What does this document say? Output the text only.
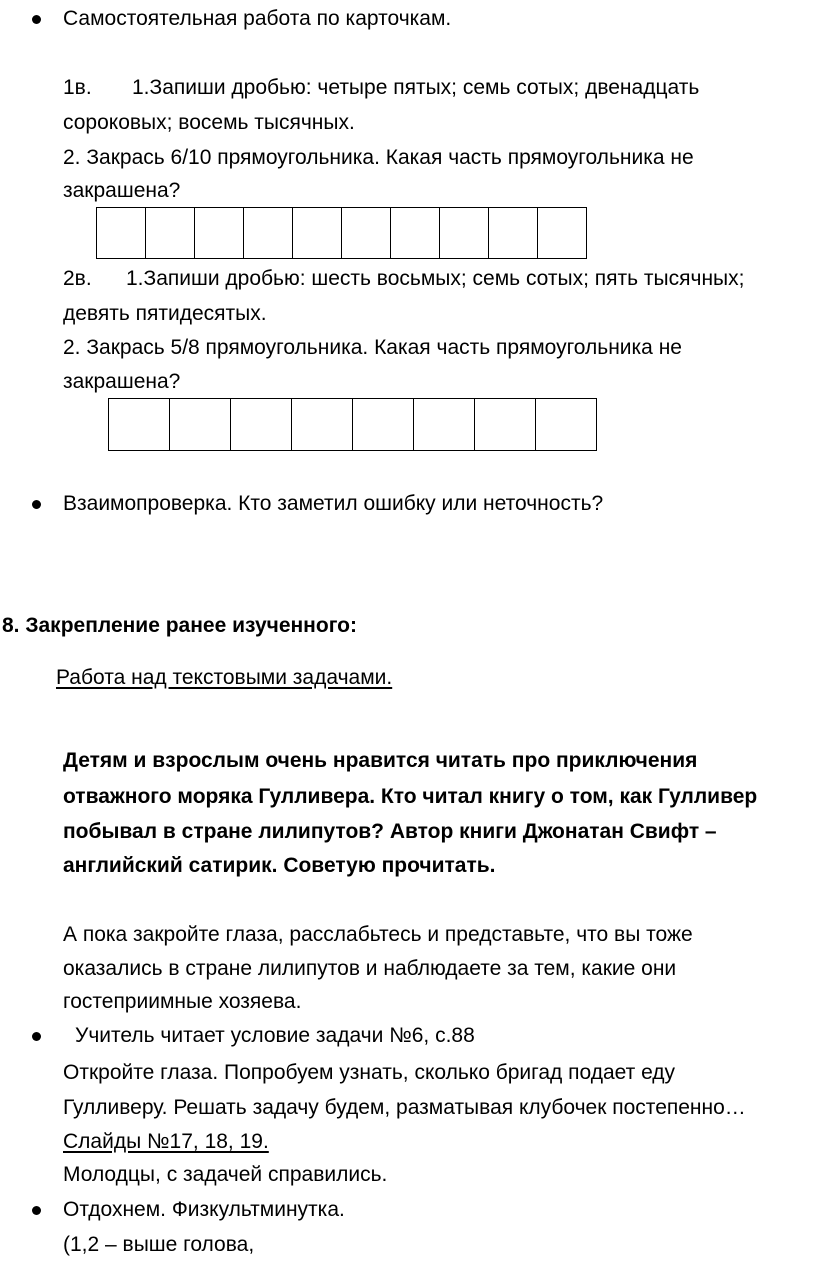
Самостоятельная работа по карточкам.
1в. 1.Запиши дробью: четыре пятых; семь сотых; двенадцать
сороковых; восемь тысячных.
2. Закрась 6/10 прямоугольника. Какая часть прямоугольника не
закрашена?

2в. 1.Запиши дробью: шесть восьмых; семь сотых; пять тысячных;
девять пятидесятых.
2. Закрась 5/8 прямоугольника. Какая часть прямоугольника не
закрашена?

Взаимопроверка. Кто заметил ошибку или неточность?
8. Закрепление ранее изученного:
Работа над текстовыми задачами.
Детям и взрослым очень нравится читать про приключения
отважного моряка Гулливера. Кто читал книгу о том, как Гулливер
побывал в стране лилипутов? Автор книги Джонатан Свифт –
английский сатирик. Советую прочитать.
А пока закройте глаза, расслабьтесь и представьте, что вы тоже
оказались в стране лилипутов и наблюдаете за тем, какие они
гостеприимные хозяева.
Учитель читает условие задачи №6, с.88
Откройте глаза. Попробуем узнать, сколько бригад подает еду
Гулливеру. Решать задачу будем, разматывая клубочек постепенно…
Слайды №17, 18, 19.
Молодцы, с задачей справились.
Отдохнем. Физкультминутка.
(1,2 – выше голова,
